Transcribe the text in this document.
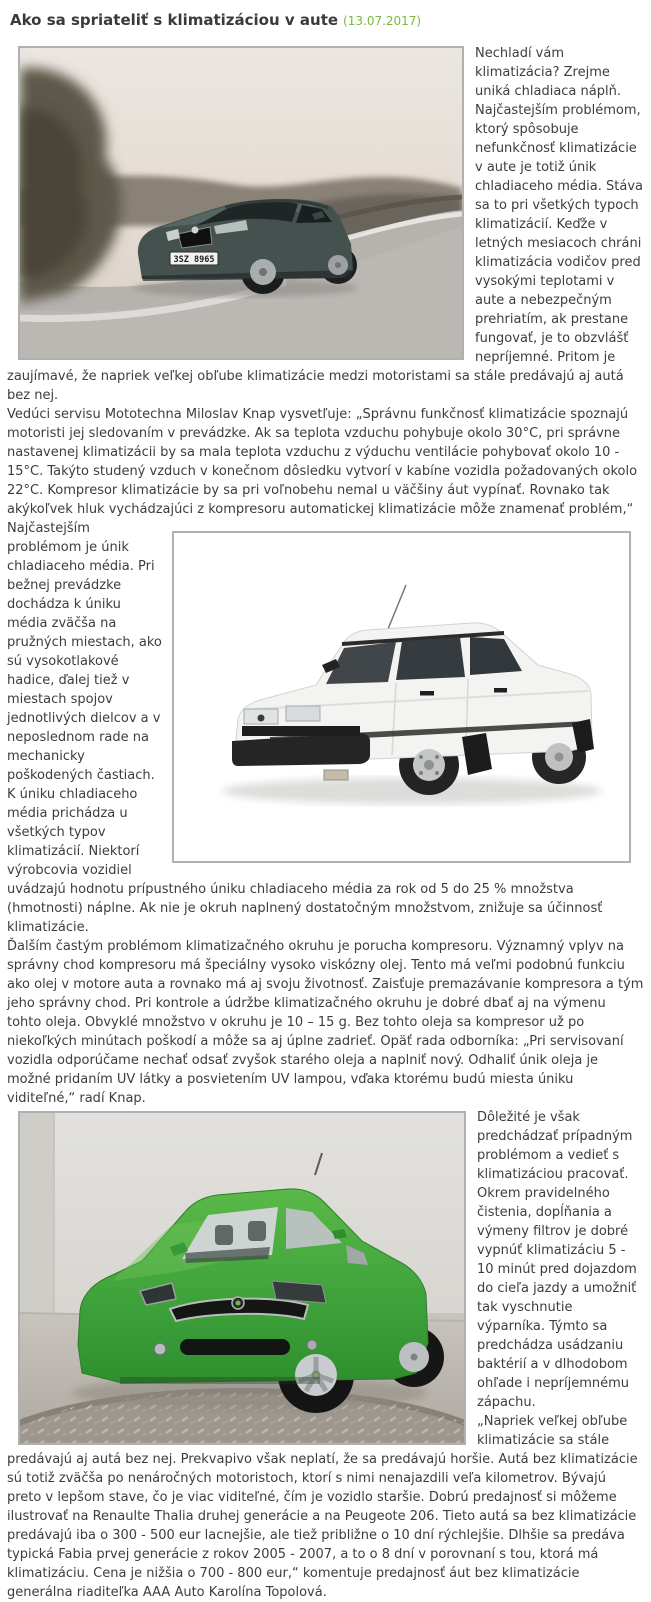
Ako sa spriateliť s klimatizáciou v aute (13.07.2017)
3SZ 8965

Nechladí vám klimatizácia? Zrejme uniká chladiaca náplň. Najčastejším problémom, ktorý spôsobuje nefunkčnosť klimatizácie v aute je totiž únik chladiaceho média. Stáva sa to pri všetkých typoch klimatizácií. Keďže v letných mesiacoch chráni klimatizácia vodičov pred vysokými teplotami v aute a nebezpečným prehriatím, ak prestane fungovať, je to obzvlášť nepríjemné. Pritom je zaujímavé, že napriek veľkej obľube klimatizácie medzi motoristami sa stále predávajú aj autá bez nej.

Vedúci servisu Mototechna Miloslav Knap vysvetľuje: „Správnu funkčnosť klimatizácie spoznajú motoristi jej sledovaním v prevádzke. Ak sa teplota vzduchu pohybuje okolo 30°C, pri správne nastavenej klimatizácii by sa mala teplota vzduchu z výduchu ventilácie pohybovať okolo 10 - 15°C. Takýto studený vzduch v konečnom dôsledku vytvorí v kabíne vozidla požadovaných okolo 22°C. Kompresor klimatizácie by sa pri voľnobehu nemal u väčšiny áut vypínať. Rovnako tak akýkoľvek hluk vychádzajúci z kompresoru automatickej klimatizácie môže znamenať problém,“

Najčastejším problémom je únik chladiaceho média. Pri bežnej prevádzke dochádza k úniku média zväčša na pružných miestach, ako sú vysokotlakové hadice, ďalej tiež v miestach spojov jednotlivých dielcov a v neposlednom rade na mechanicky poškodených častiach. K úniku chladiaceho média prichádza u všetkých typov klimatizácií. Niektorí výrobcovia vozidiel uvádzajú hodnotu prípustného úniku chladiaceho média za rok od 5 do 25 % množstva (hmotnosti) náplne. Ak nie je okruh naplnený dostatočným množstvom, znižuje sa účinnosť klimatizácie.

Ďalším častým problémom klimatizačného okruhu je porucha kompresoru. Významný vplyv na správny chod kompresoru má špeciálny vysoko viskózny olej. Tento má veľmi podobnú funkciu ako olej v motore auta a rovnako má aj svoju životnosť. Zaisťuje premazávanie kompresora a tým jeho správny chod. Pri kontrole a údržbe klimatizačného okruhu je dobré dbať aj na výmenu tohto oleja. Obvyklé množstvo v okruhu je 10 – 15 g. Bez tohto oleja sa kompresor už po niekoľkých minútach poškodí a môže sa aj úplne zadrieť. Opäť rada odborníka: „Pri servisovaní vozidla odporúčame nechať odsať zvyšok starého oleja a naplniť nový. Odhaliť únik oleja je možné pridaním UV látky a posvietením UV lampou, vďaka ktorému budú miesta úniku viditeľné,“ radí Knap.

Dôležité je však predchádzať prípadným problémom a vedieť s klimatizáciou pracovať. Okrem pravidelného čistenia, dopĺňania a výmeny filtrov je dobré vypnúť klimatizáciu 5 - 10 minút pred dojazdom do cieľa jazdy a umožniť tak vyschnutie výparníka. Týmto sa predchádza usádzaniu baktérií a v dlhodobom ohľade i nepríjemnému zápachu.

„Napriek veľkej obľube klimatizácie sa stále predávajú aj autá bez nej. Prekvapivo však neplatí, že sa predávajú horšie. Autá bez klimatizácie sú totiž zväčša po nenáročných motoristoch, ktorí s nimi nenajazdili veľa kilometrov. Bývajú preto v lepšom stave, čo je viac viditeľné, čím je vozidlo staršie. Dobrú predajnosť si môžeme ilustrovať na Renaulte Thalia druhej generácie a na Peugeote 206. Tieto autá sa bez klimatizácie predávajú iba o 300 - 500 eur lacnejšie, ale tiež približne o 10 dní rýchlejšie. Dlhšie sa predáva typická Fabia prvej generácie z rokov 2005 - 2007, a to o 8 dní v porovnaní s tou, ktorá má klimatizáciu. Cena je nižšia o 700 - 800 eur,“ komentuje predajnosť áut bez klimatizácie generálna riaditeľka AAA Auto Karolína Topolová.
